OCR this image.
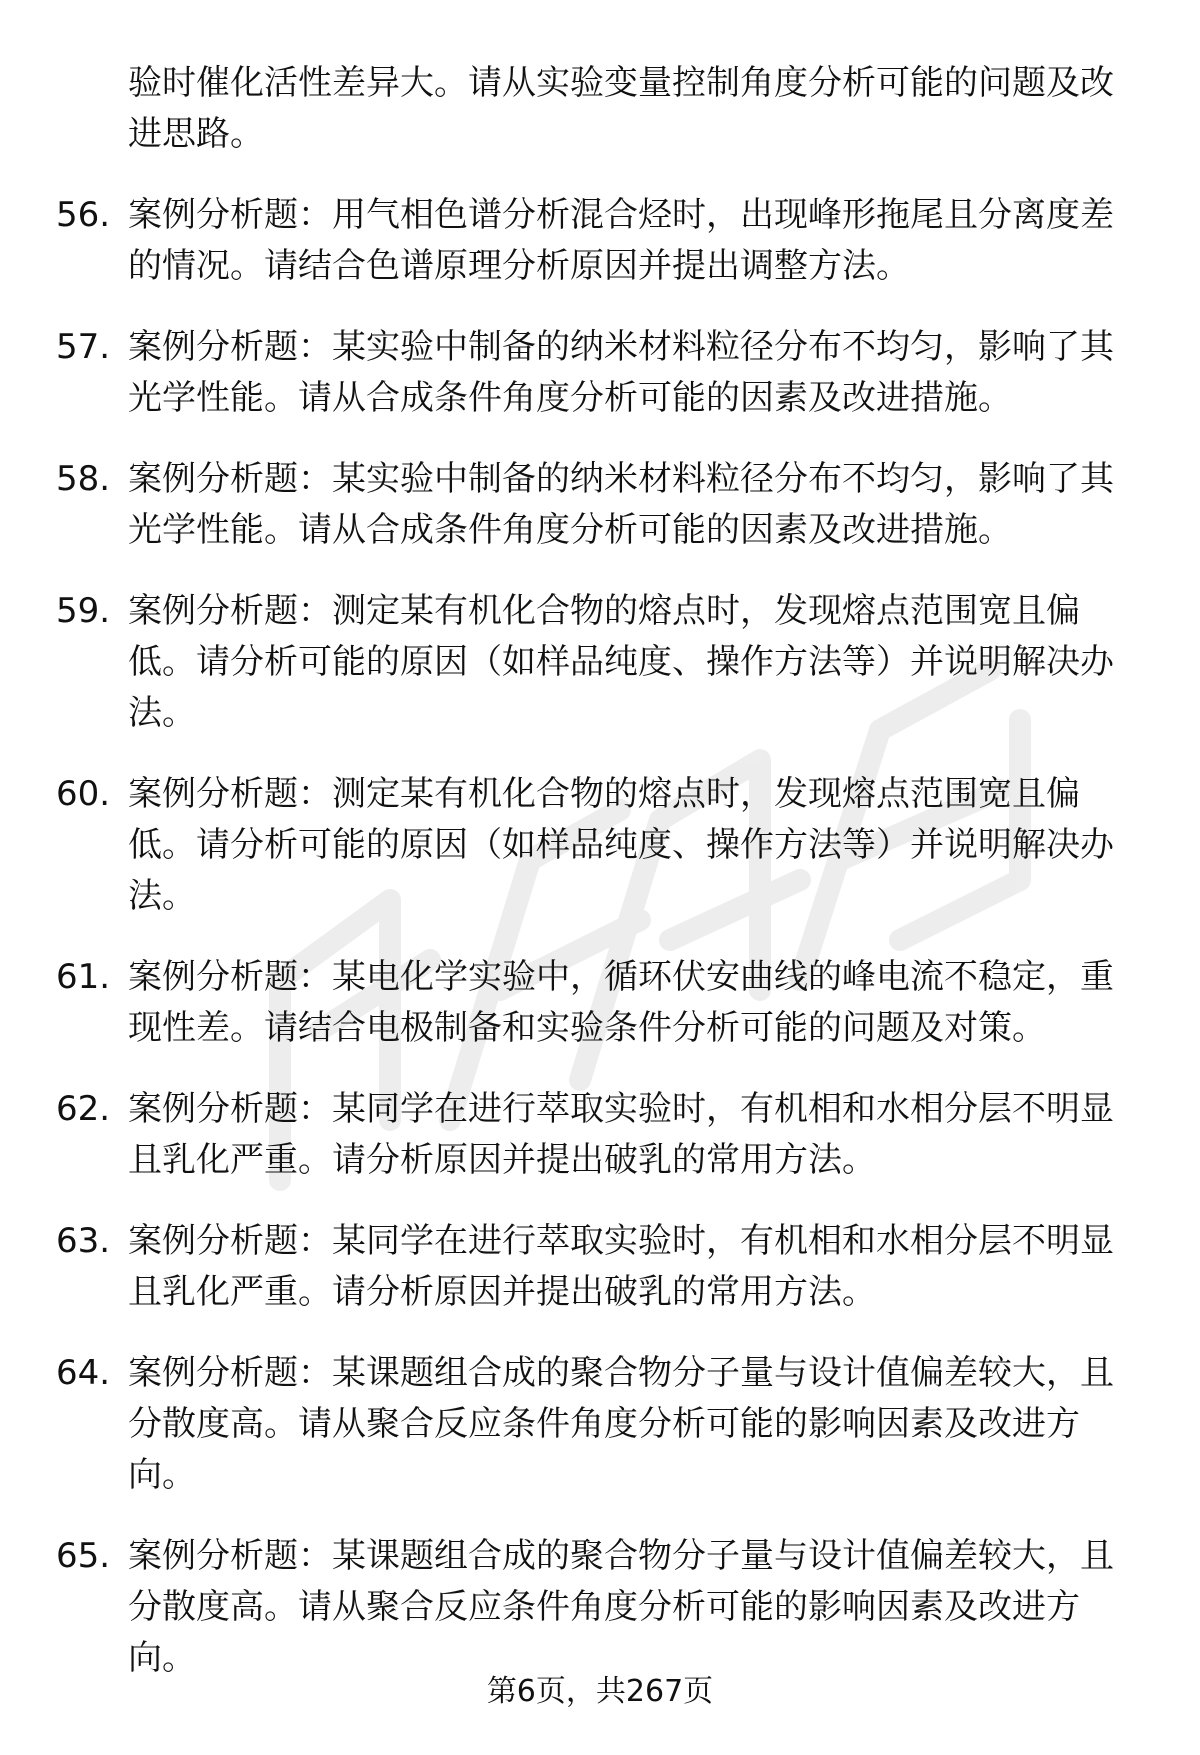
验时催化活性差异大。请从实验变量控制角度分析可能的问题及改进思路。

56. 案例分析题：用气相色谱分析混合烃时，出现峰形拖尾且分离度差的情况。请结合色谱原理分析原因并提出调整方法。

57. 案例分析题：某实验中制备的纳米材料粒径分布不均匀，影响了其光学性能。请从合成条件角度分析可能的因素及改进措施。

58. 案例分析题：某实验中制备的纳米材料粒径分布不均匀，影响了其光学性能。请从合成条件角度分析可能的因素及改进措施。

59. 案例分析题：测定某有机化合物的熔点时，发现熔点范围宽且偏低。请分析可能的原因（如样品纯度、操作方法等）并说明解决办法。

60. 案例分析题：测定某有机化合物的熔点时，发现熔点范围宽且偏低。请分析可能的原因（如样品纯度、操作方法等）并说明解决办法。

61. 案例分析题：某电化学实验中，循环伏安曲线的峰电流不稳定，重现性差。请结合电极制备和实验条件分析可能的问题及对策。

62. 案例分析题：某同学在进行萃取实验时，有机相和水相分层不明显且乳化严重。请分析原因并提出破乳的常用方法。

63. 案例分析题：某同学在进行萃取实验时，有机相和水相分层不明显且乳化严重。请分析原因并提出破乳的常用方法。

64. 案例分析题：某课题组合成的聚合物分子量与设计值偏差较大，且分散度高。请从聚合反应条件角度分析可能的影响因素及改进方向。

65. 案例分析题：某课题组合成的聚合物分子量与设计值偏差较大，且分散度高。请从聚合反应条件角度分析可能的影响因素及改进方向。

第6页，共267页
